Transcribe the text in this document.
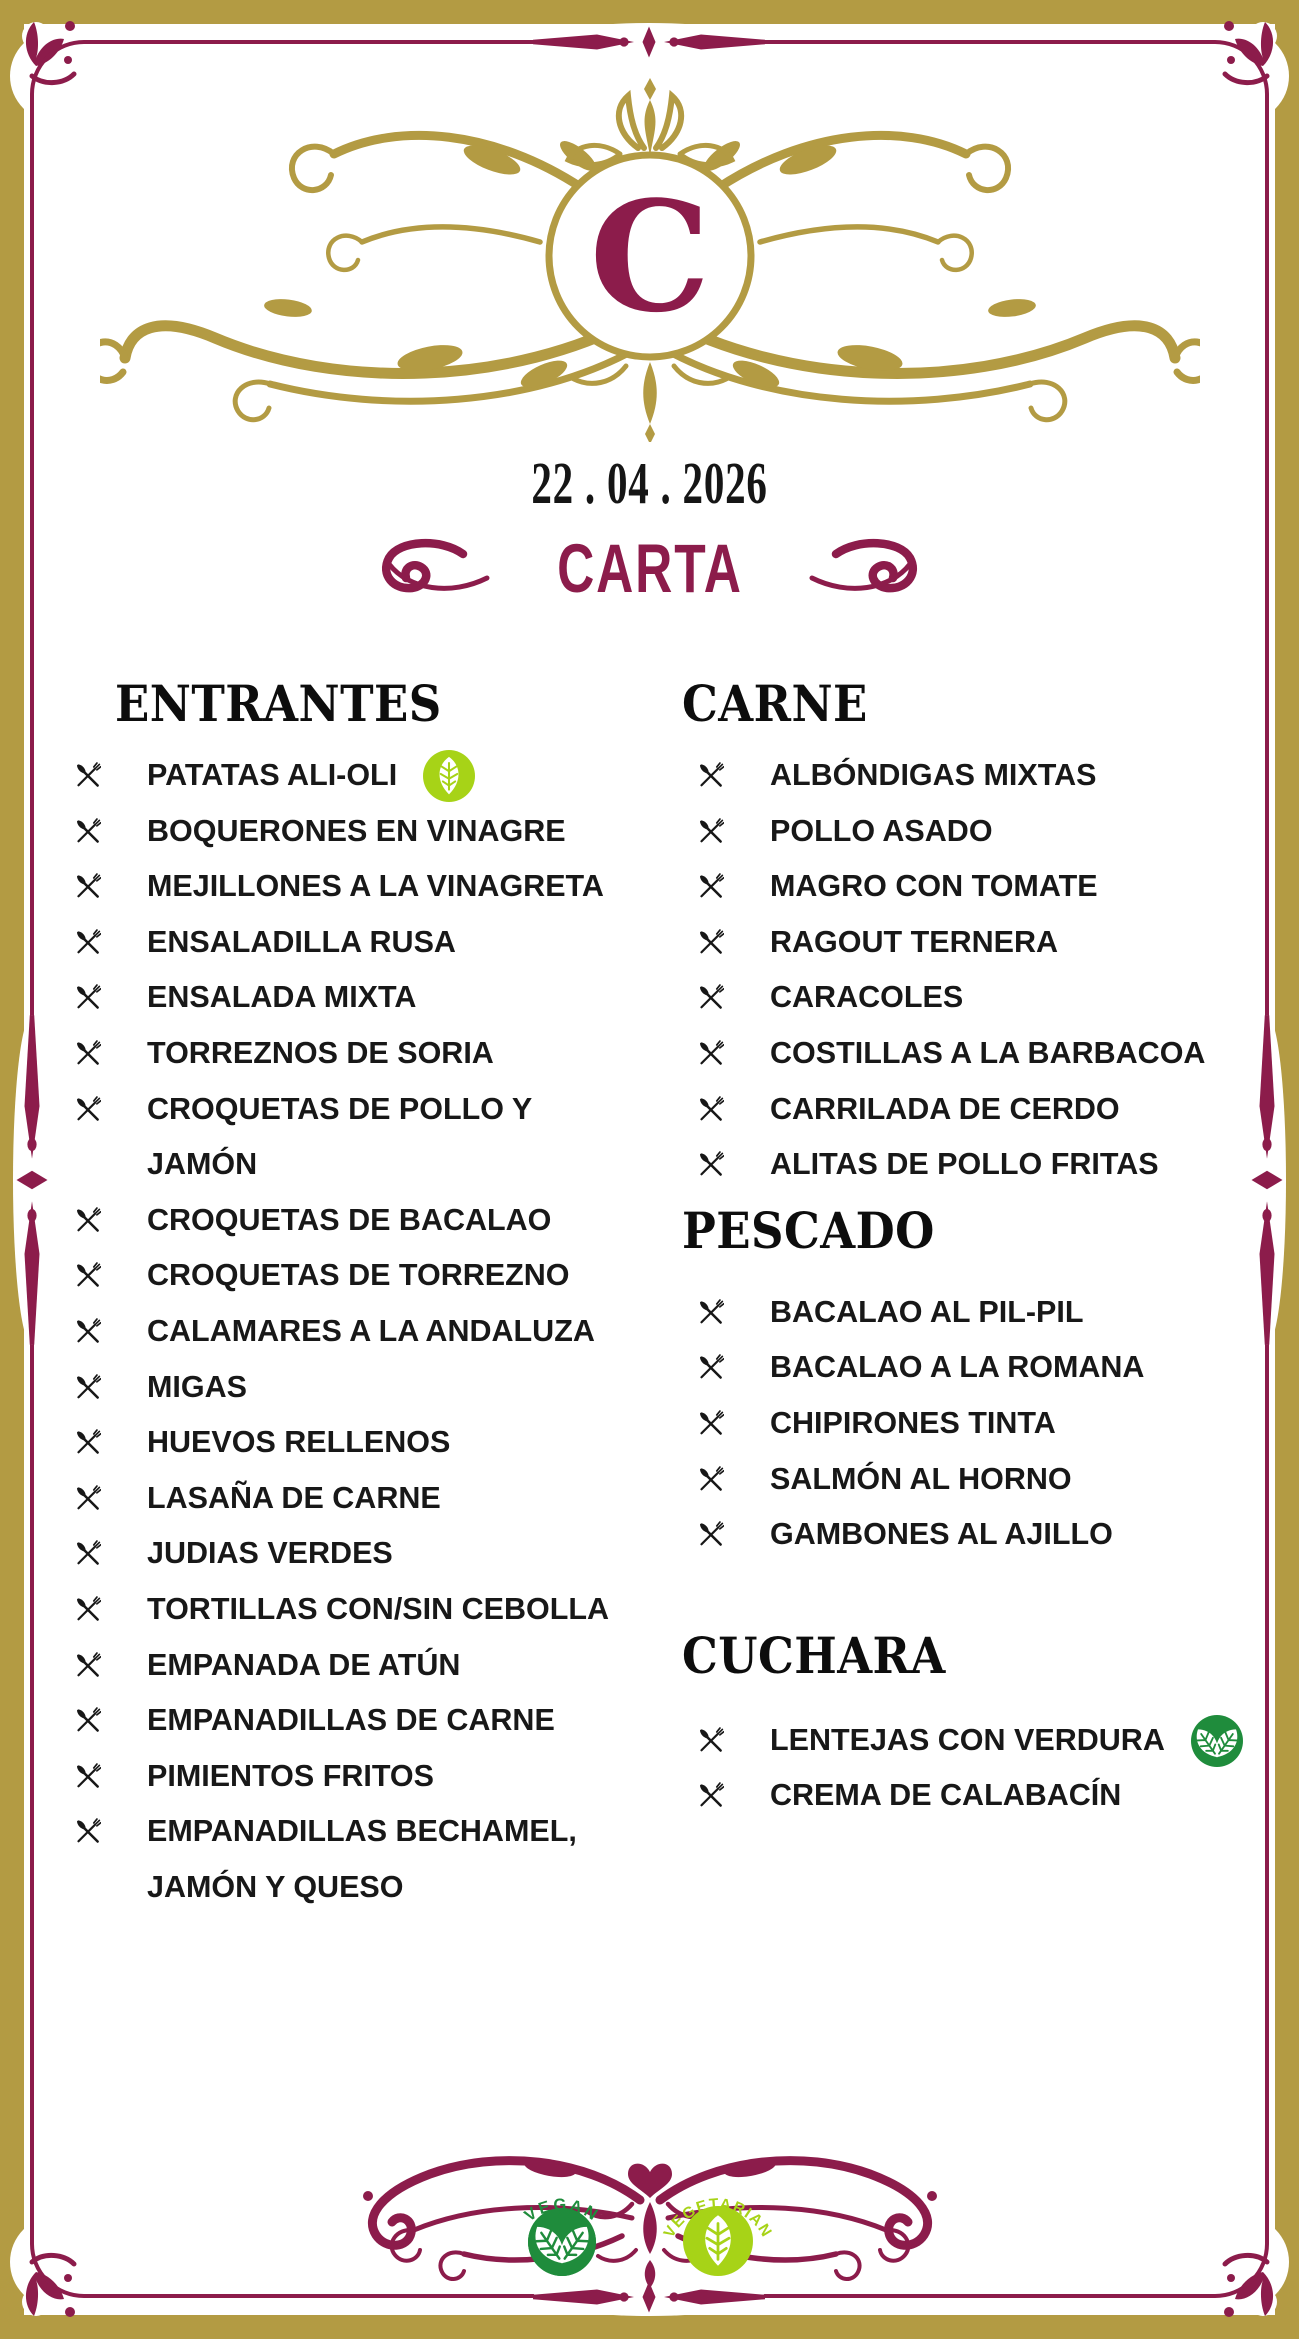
C
22 . 04 . 2026
CARTA
ENTRANTES
PATATAS ALI-OLI
BOQUERONES EN VINAGRE
MEJILLONES A LA VINAGRETA
ENSALADILLA RUSA
ENSALADA MIXTA
TORREZNOS DE SORIA
CROQUETAS DE POLLO Y JAMÓN
CROQUETAS DE BACALAO
CROQUETAS DE TORREZNO
CALAMARES A LA ANDALUZA
MIGAS
HUEVOS RELLENOS
LASAÑA DE CARNE
JUDIAS VERDES
TORTILLAS CON/SIN CEBOLLA
EMPANADA DE ATÚN
EMPANADILLAS DE CARNE
PIMIENTOS FRITOS
EMPANADILLAS BECHAMEL, JAMÓN Y QUESO
CARNE
ALBÓNDIGAS MIXTAS
POLLO ASADO
MAGRO CON TOMATE
RAGOUT TERNERA
CARACOLES
COSTILLAS A LA BARBACOA
CARRILADA DE CERDO
ALITAS DE POLLO FRITAS
PESCADO
BACALAO AL PIL-PIL
BACALAO A LA ROMANA
CHIPIRONES TINTA
SALMÓN AL HORNO
GAMBONES AL AJILLO
CUCHARA
LENTEJAS CON VERDURA
CREMA DE CALABACÍN
VEGAN
VEGETARIAN
